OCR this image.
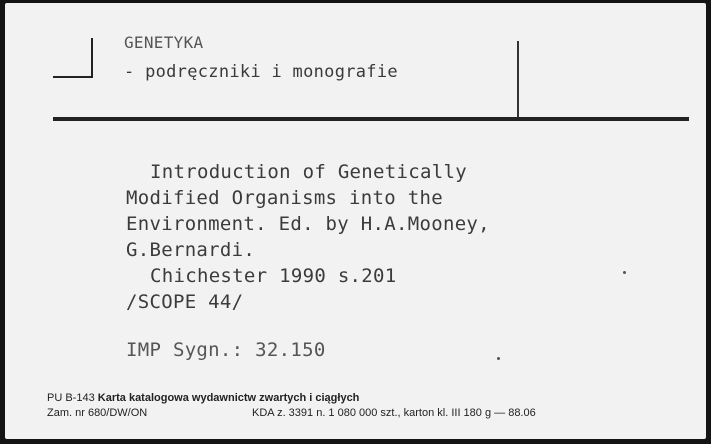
GENETYKA
- podręczniki i monografie
Introduction of Genetically
Modified Organisms into the
Environment. Ed. by H.A.Mooney,
G.Bernardi.
Chichester 1990 s.201
/SCOPE 44/
IMP Sygn.: 32.150
PU B-143 Karta katalogowa wydawnictw zwartych i ciągłych
Zam. nr 680/DW/ON	KDA z. 3391 n. 1 080 000 szt., karton kl. III 180 g — 88.06
